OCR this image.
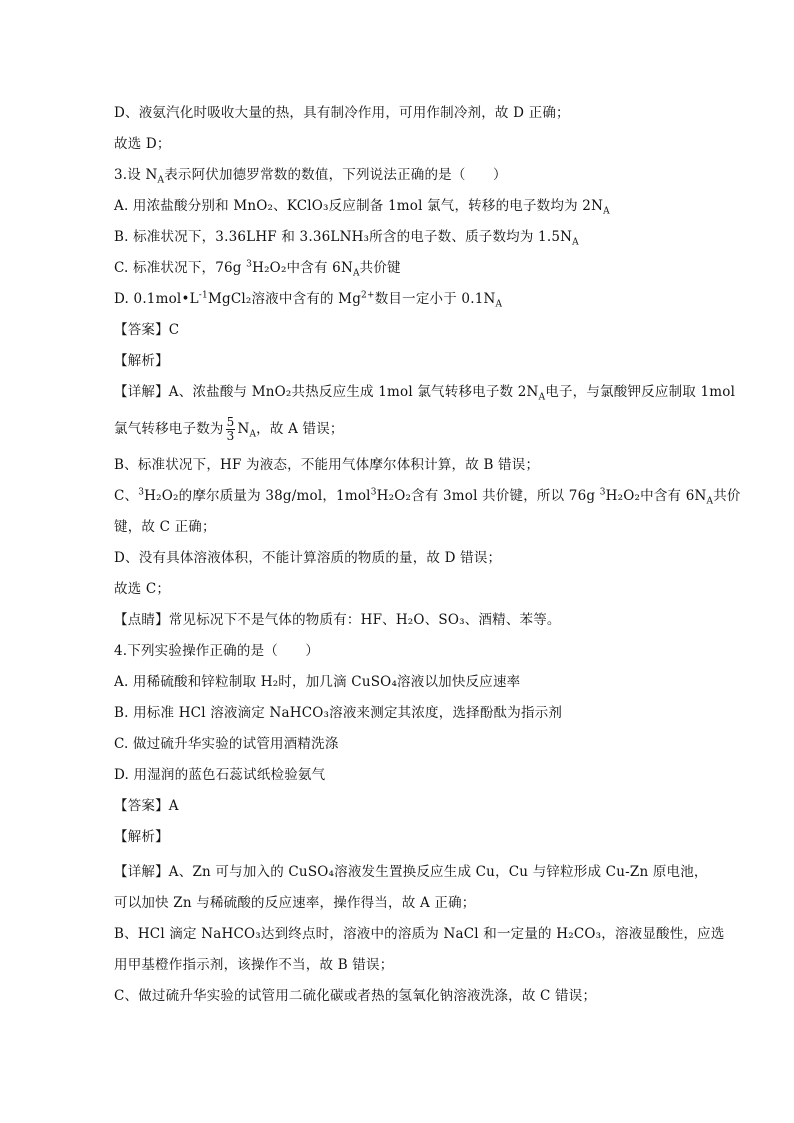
D、液氨汽化时吸收大量的热，具有制冷作用，可用作制冷剂，故 D 正确；
故选 D；
3.设 $N_A$表示阿伏加德罗常数的数值，下列说法正确的是（　　）
A. 用浓盐酸分别和 MnO₂、KClO₃反应制备 1mol 氯气，转移的电子数均为 $2N_A$
B. 标准状况下，3.36LHF 和 3.36LNH₃所含的电子数、质子数均为 $1.5N_A$
C. 标准状况下，76g $^3$H₂O₂中含有 $6N_A$共价键
D. $0.1mol•L^{-1}MgCl_2$溶液中含有的 $Mg^{2+}$数目一定小于 $0.1N_A$
【答案】C
【解析】
【详解】A、浓盐酸与 MnO₂共热反应生成 1mol 氯气转移电子数 $2N_A$电子，与氯酸钾反应制取 1mol
氯气转移电子数为 $\frac{5}{3} N_A$，故 A 错误；
B、标准状况下，HF 为液态，不能用气体摩尔体积计算，故 B 错误；
C、$^3$H₂O₂的摩尔质量为 38g/mol，1mol$^3$H₂O₂含有 3mol 共价键，所以 76g $^3$H₂O₂中含有 $6N_A$共价
键，故 C 正确；
D、没有具体溶液体积，不能计算溶质的物质的量，故 D 错误；
故选 C；
【点睛】常见标况下不是气体的物质有：HF、H₂O、SO₃、酒精、苯等。
4.下列实验操作正确的是（　　）
A. 用稀硫酸和锌粒制取 H₂时，加几滴 CuSO₄溶液以加快反应速率
B. 用标准 HCl 溶液滴定 NaHCO₃溶液来测定其浓度，选择酚酞为指示剂
C. 做过硫升华实验的试管用酒精洗涤
D. 用湿润的蓝色石蕊试纸检验氨气
【答案】A
【解析】
【详解】A、Zn 可与加入的 CuSO₄溶液发生置换反应生成 Cu，Cu 与锌粒形成 Cu-Zn 原电池，
可以加快 Zn 与稀硫酸的反应速率，操作得当，故 A 正确；
B、HCl 滴定 NaHCO₃达到终点时，溶液中的溶质为 NaCl 和一定量的 H₂CO₃，溶液显酸性，应选
用甲基橙作指示剂，该操作不当，故 B 错误；
C、做过硫升华实验的试管用二硫化碳或者热的氢氧化钠溶液洗涤，故 C 错误；
